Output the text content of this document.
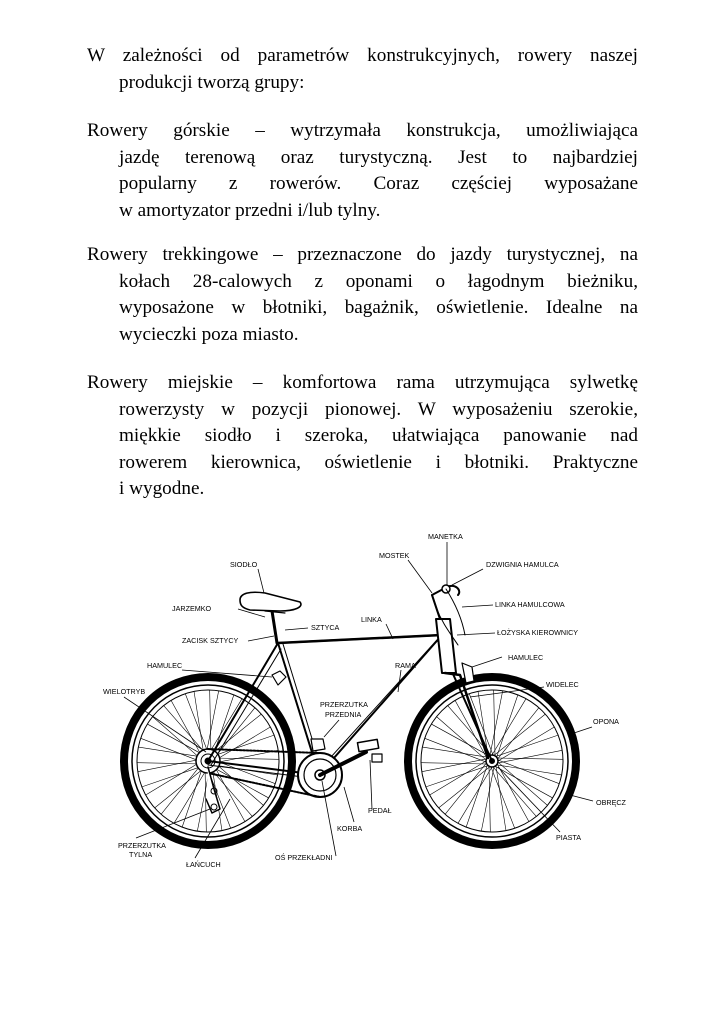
W zależności od parametrów konstrukcyjnych, rowery naszej
produkcji tworzą grupy:
Rowery górskie – wytrzymała konstrukcja, umożliwiająca
jazdę terenową oraz turystyczną. Jest to najbardziej
popularny z rowerów. Coraz częściej wyposażane
w amortyzator przedni i/lub tylny.
Rowery trekkingowe – przeznaczone do jazdy turystycznej, na
kołach 28-calowych z oponami o łagodnym bieżniku,
wyposażone w błotniki, bagażnik, oświetlenie. Idealne na
wycieczki poza miasto.
Rowery miejskie – komfortowa rama utrzymująca sylwetkę
rowerzysty w pozycji pionowej. W wyposażeniu szerokie,
miękkie siodło i szeroka, ułatwiająca panowanie nad
rowerem kierownica, oświetlenie i błotniki. Praktyczne
i wygodne.
MANETKA
MOSTEK
DZWIGNIA HAMULCA
SIODŁO
LINKA HAMULCOWA
JARZEMKO
SZTYCA
LINKA
ŁOŻYSKA KIEROWNICY
ZACISK SZTYCY
HAMULEC
HAMULEC	RAMA
WIDELEC
WIELOTRYB
PRZERZUTKA
PRZEDNIA
OPONA
OBRĘCZ
PEDAŁ
KORBA
PIASTA
PRZERZUTKA
TYLNA
ŁAŃCUCH
OŚ PRZEKŁADNI
